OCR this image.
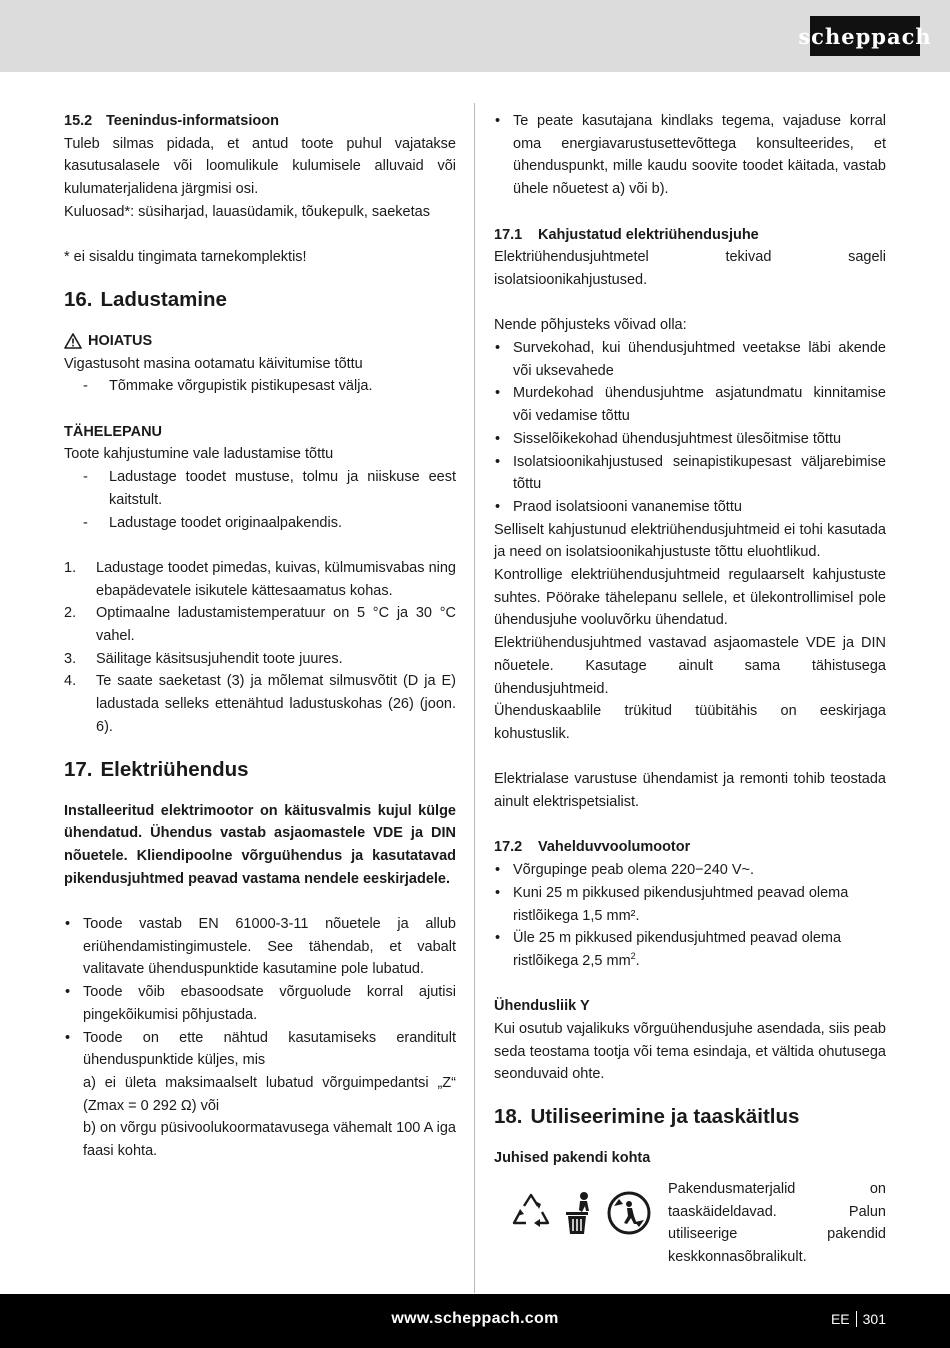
scheppach

15.2 Teenindus-informatsioon

Tuleb silmas pidada, et antud toote puhul vajatakse kasutusalasele või loomulikule kulumisele alluvaid või kulumaterjalidena järgmisi osi.

Kuluosad*: süsiharjad, lauasüdamik, tõukepulk, saeketas

* ei sisaldu tingimata tarnekomplektis!

16. Ladustamine

HOIATUS

Vigastusoht masina ootamatu käivitumise tõttu

- Tõmmake võrgupistik pistikupesast välja.

TÄHELEPANU

Toote kahjustumine vale ladustamise tõttu

- Ladustage toodet mustuse, tolmu ja niiskuse eest kaitstult.
- Ladustage toodet originaalpakendis.
1. Ladustage toodet pimedas, kuivas, külmumisvabas ning ebapädevatele isikutele kättesaamatus kohas.
2. Optimaalne ladustamistemperatuur on 5 °C ja 30 °C vahel.
3. Säilitage käsitsusjuhendit toote juures.
4. Te saate saeketast (3) ja mõlemat silmusvõtit (D ja E) ladustada selleks ettenähtud ladustuskohas (26) (joon. 6).
17. Elektriühendus

Installeeritud elektrimootor on käitusvalmis kujul külge ühendatud. Ühendus vastab asjaomastele VDE ja DIN nõuetele. Kliendipoolne võrguühendus ja kasutatavad pikendusjuhtmed peavad vastama nendele eeskirjadele.

• Toode vastab EN 61000-3-11 nõuetele ja allub eriühendamistingimustele. See tähendab, et vabalt valitavate ühenduspunktide kasutamine pole lubatud.
• Toode võib ebasoodsate võrguolude korral ajutisi pingekõikumisi põhjustada.
• Toode on ette nähtud kasutamiseks eranditult ühenduspunktide küljes, mis
a) ei ületa maksimaalselt lubatud võrguimpedantsi „Z“ (Zmax = 0 292 Ω) või
b) on võrgu püsivoolukoormatavusega vähemalt 100 A iga faasi kohta.
• Te peate kasutajana kindlaks tegema, vajaduse korral oma energiavarustusettevõttega konsulteerides, et ühenduspunkt, mille kaudu soovite toodet käitada, vastab ühele nõuetest a) või b).

17.1 Kahjustatud elektriühendusjuhe

Elektriühendusjuhtmetel tekivad sageli isolatsioonikahjustused.

Nende põhjusteks võivad olla:

• Survekohad, kui ühendusjuhtmed veetakse läbi akende või uksevahede
• Murdekohad ühendusjuhtme asjatundmatu kinnitamise või vedamise tõttu
• Sisselõikekohad ühendusjuhtmest ülesõitmise tõttu
• Isolatsioonikahjustused seinapistikupesast väljarebimise tõttu
• Praod isolatsiooni vananemise tõttu

Selliselt kahjustunud elektriühendusjuhtmeid ei tohi kasutada ja need on isolatsioonikahjustuste tõttu eluohtlikud.

Kontrollige elektriühendusjuhtmeid regulaarselt kahjustuste suhtes. Pöörake tähelepanu sellele, et ülekontrollimisel pole ühendusjuhe vooluvõrku ühendatud.

Elektriühendusjuhtmed vastavad asjaomastele VDE ja DIN nõuetele. Kasutage ainult sama tähistusega ühendusjuhtmeid.

Ühenduskaablile trükitud tüübitähis on eeskirjaga kohustuslik.

Elektrialase varustuse ühendamist ja remonti tohib teostada ainult elektrispetsialist.

17.2 Vahelduvvoolumootor

• Võrgupinge peab olema 220−240 V~.
• Kuni 25 m pikkused pikendusjuhtmed peavad olema ristlõikega 1,5 mm².
• Üle 25 m pikkused pikendusjuhtmed peavad olema ristlõikega 2,5 $mm^2$.

Ühendusliik Y

Kui osutub vajalikuks võrguühendusjuhe asendada, siis peab seda teostama tootja või tema esindaja, et vältida ohutusega seonduvaid ohte.

18. Utiliseerimine ja taaskäitlus

Juhised pakendi kohta

Pakendusmaterjalid on taaskäideldavad. Palun utiliseerige pakendid keskkonnasõbralikult.

www.scheppach.com	EE 301
